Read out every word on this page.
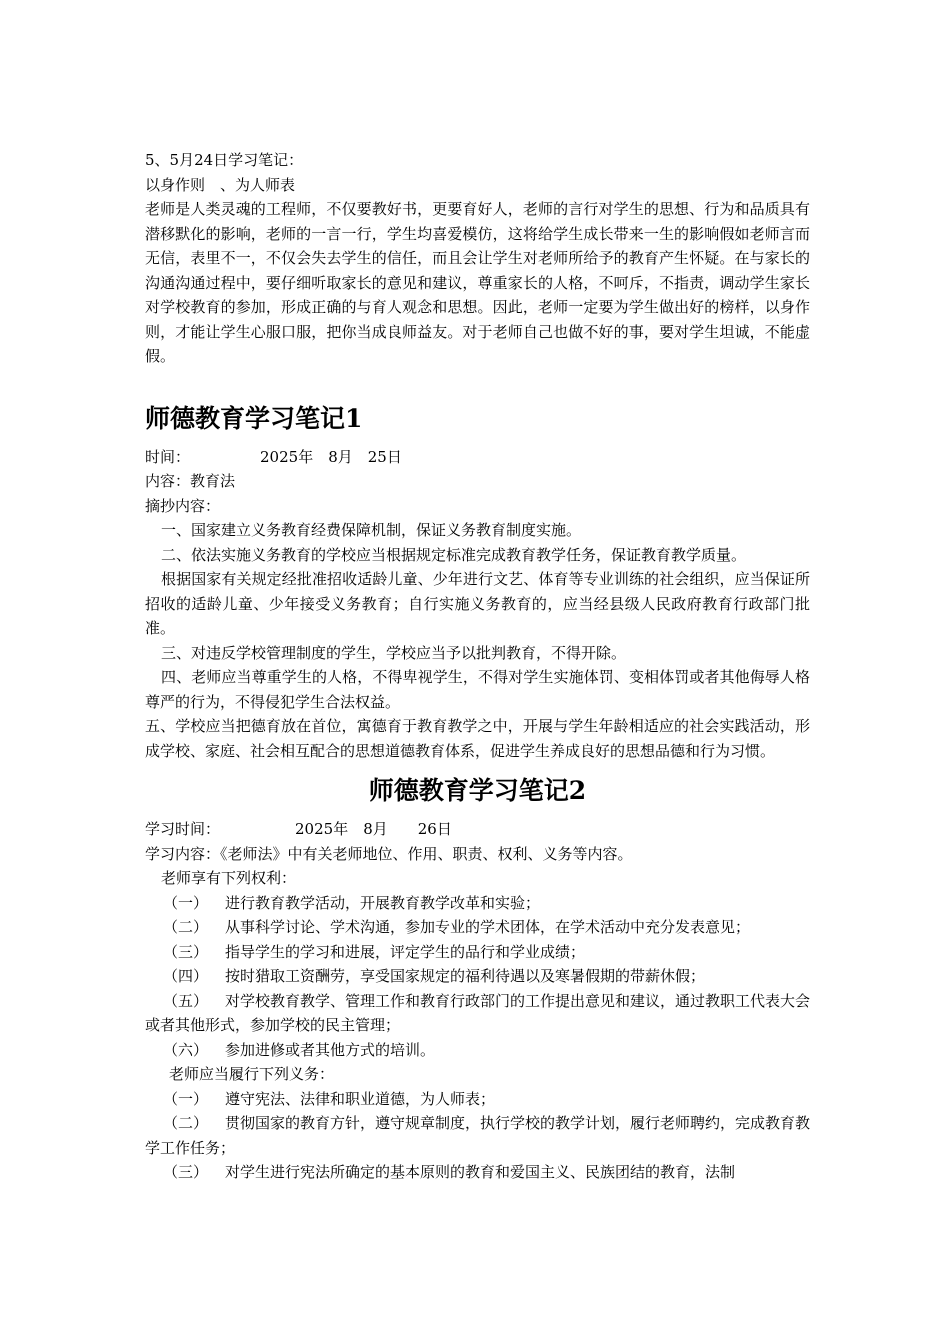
5、5月24日学习笔记：
以身作则　、为人师表
老师是人类灵魂的工程师，不仅要教好书，更要育好人，老师的言行对学生的思想、行为和品质具有潜移默化的影响，老师的一言一行，学生均喜爱模仿，这将给学生成长带来一生的影响假如老师言而无信，表里不一，不仅会失去学生的信任，而且会让学生对老师所给予的教育产生怀疑。在与家长的沟通沟通过程中，要仔细听取家长的意见和建议，尊重家长的人格，不呵斥，不指责，调动学生家长对学校教育的参加，形成正确的与育人观念和思想。因此，老师一定要为学生做出好的榜样，以身作则，才能让学生心服口服，把你当成良师益友。对于老师自己也做不好的事，要对学生坦诚，不能虚假。
师德教育学习笔记1
时间：	2025年　8月　25日
内容：教育法
摘抄内容：
一、国家建立义务教育经费保障机制，保证义务教育制度实施。
二、依法实施义务教育的学校应当根据规定标准完成教育教学任务，保证教育教学质量。
根据国家有关规定经批准招收适龄儿童、少年进行文艺、体育等专业训练的社会组织，应当保证所招收的适龄儿童、少年接受义务教育；自行实施义务教育的，应当经县级人民政府教育行政部门批准。
三、对违反学校管理制度的学生，学校应当予以批判教育，不得开除。
四、老师应当尊重学生的人格，不得卑视学生，不得对学生实施体罚、变相体罚或者其他侮辱人格尊严的行为，不得侵犯学生合法权益。
五、学校应当把德育放在首位，寓德育于教育教学之中，开展与学生年龄相适应的社会实践活动，形成学校、家庭、社会相互配合的思想道德教育体系，促进学生养成良好的思想品德和行为习惯。
师德教育学习笔记2
学习时间：	2025年　8月　　26日
学习内容：《老师法》中有关老师地位、作用、职责、权利、义务等内容。
老师享有下列权利：
（一） 进行教育教学活动，开展教育教学改革和实验；
（二） 从事科学讨论、学术沟通，参加专业的学术团体，在学术活动中充分发表意见；
（三） 指导学生的学习和进展，评定学生的品行和学业成绩；
（四） 按时猎取工资酬劳，享受国家规定的福利待遇以及寒暑假期的带薪休假；
（五） 对学校教育教学、管理工作和教育行政部门的工作提出意见和建议，通过教职工代表大会或者其他形式，参加学校的民主管理；
（六） 参加进修或者其他方式的培训。
老师应当履行下列义务：
（一） 遵守宪法、法律和职业道德，为人师表；
（二） 贯彻国家的教育方针，遵守规章制度，执行学校的教学计划，履行老师聘约，完成教育教学工作任务；
（三） 对学生进行宪法所确定的基本原则的教育和爱国主义、民族团结的教育，法制
